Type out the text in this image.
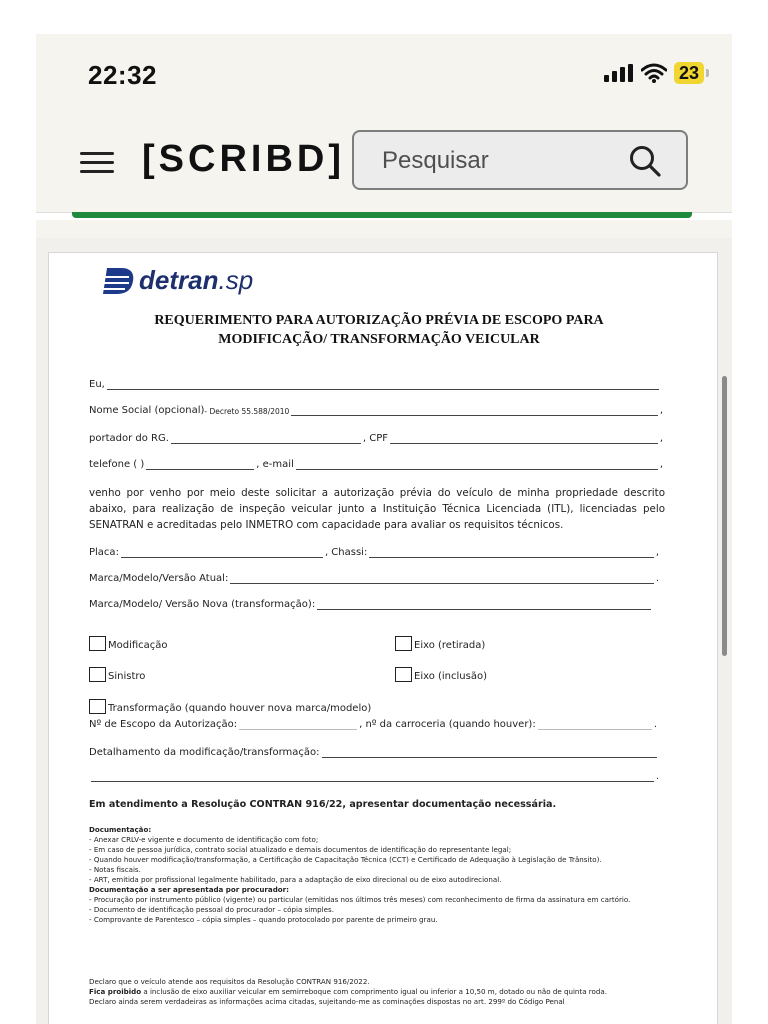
22:32	23
[SCRIBD] Pesquisar
detran.sp
REQUERIMENTO PARA AUTORIZAÇÃO PRÉVIA DE ESCOPO PARA
MODIFICAÇÃO/ TRANSFORMAÇÃO VEICULAR
Eu,
Nome Social (opcional) - Decreto 55.588/2010	,
portador do RG.	, CPF	,
telefone ( )	, e-mail	,
venho por venho por meio deste solicitar a autorização prévia do veículo de minha propriedade descrito abaixo, para realização de inspeção veicular junto a Instituição Técnica Licenciada (ITL), licenciadas pelo SENATRAN e acreditadas pelo INMETRO com capacidade para avaliar os requisitos técnicos.
Placa:	, Chassi:	,
Marca/Modelo/Versão Atual:	.
Marca/Modelo/ Versão Nova (transformação):
Modificação	Eixo (retirada)
Sinistro	Eixo (inclusão)
Transformação (quando houver nova marca/modelo)
Nº de Escopo da Autorização:	, nº da carroceria (quando houver):	.
Detalhamento da modificação/transformação:
.
Em atendimento a Resolução CONTRAN 916/22, apresentar documentação necessária.

Documentação:

- Anexar CRLV-e vigente e documento de identificação com foto;

- Em caso de pessoa jurídica, contrato social atualizado e demais documentos de identificação do representante legal;

- Quando houver modificação/transformação, a Certificação de Capacitação Técnica (CCT) e Certificado de Adequação à Legislação de Trânsito).

- Notas fiscais.

- ART, emitida por profissional legalmente habilitado, para a adaptação de eixo direcional ou de eixo autodirecional.

Documentação a ser apresentada por procurador:

- Procuração por instrumento público (vigente) ou particular (emitidas nos últimos três meses) com reconhecimento de firma da assinatura em cartório.

- Documento de identificação pessoal do procurador – cópia simples.

- Comprovante de Parentesco – cópia simples – quando protocolado por parente de primeiro grau.

Declaro que o veículo atende aos requisitos da Resolução CONTRAN 916/2022.

Fica proibido a inclusão de eixo auxiliar veicular em semirreboque com comprimento igual ou inferior a 10,50 m, dotado ou não de quinta roda.

Declaro ainda serem verdadeiras as informações acima citadas, sujeitando-me as cominações dispostas no art. 299º do Código Penal
